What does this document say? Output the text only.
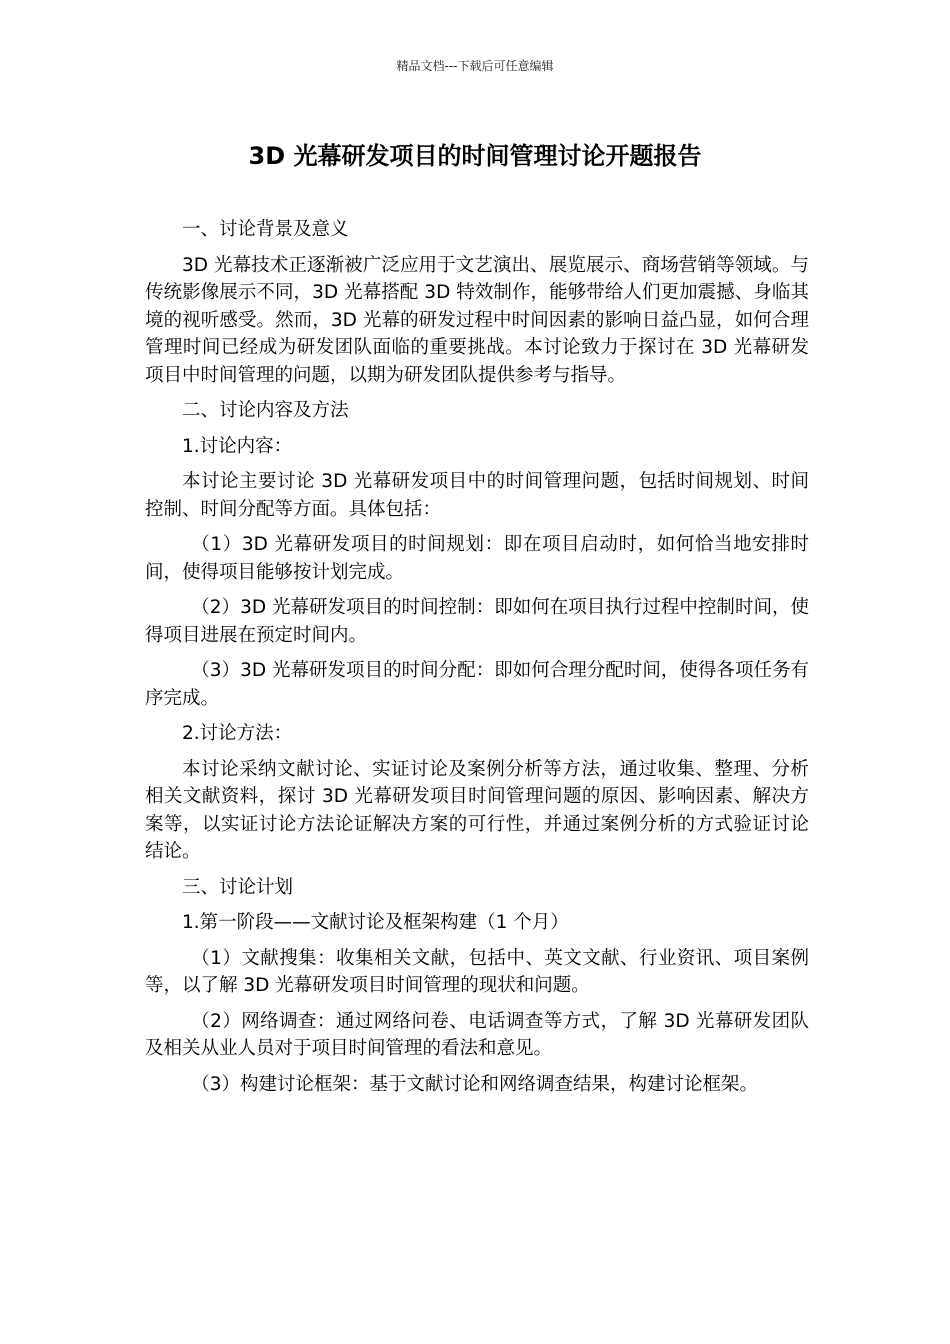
精品文档---下载后可任意编辑
3D 光幕研发项目的时间管理讨论开题报告

一、讨论背景及意义

3D 光幕技术正逐渐被广泛应用于文艺演出、展览展示、商场营销等领域。与传统影像展示不同，3D 光幕搭配 3D 特效制作，能够带给人们更加震撼、身临其境的视听感受。然而，3D 光幕的研发过程中时间因素的影响日益凸显，如何合理管理时间已经成为研发团队面临的重要挑战。本讨论致力于探讨在 3D 光幕研发项目中时间管理的问题，以期为研发团队提供参考与指导。

二、讨论内容及方法

1.讨论内容：

本讨论主要讨论 3D 光幕研发项目中的时间管理问题，包括时间规划、时间控制、时间分配等方面。具体包括：

（1）3D 光幕研发项目的时间规划：即在项目启动时，如何恰当地安排时间，使得项目能够按计划完成。

（2）3D 光幕研发项目的时间控制：即如何在项目执行过程中控制时间，使得项目进展在预定时间内。

（3）3D 光幕研发项目的时间分配：即如何合理分配时间，使得各项任务有序完成。

2.讨论方法：

本讨论采纳文献讨论、实证讨论及案例分析等方法，通过收集、整理、分析相关文献资料，探讨 3D 光幕研发项目时间管理问题的原因、影响因素、解决方案等，以实证讨论方法论证解决方案的可行性，并通过案例分析的方式验证讨论结论。

三、讨论计划

1.第一阶段——文献讨论及框架构建（1 个月）

（1）文献搜集：收集相关文献，包括中、英文文献、行业资讯、项目案例等，以了解 3D 光幕研发项目时间管理的现状和问题。

（2）网络调查：通过网络问卷、电话调查等方式，了解 3D 光幕研发团队及相关从业人员对于项目时间管理的看法和意见。

（3）构建讨论框架：基于文献讨论和网络调查结果，构建讨论框架。
